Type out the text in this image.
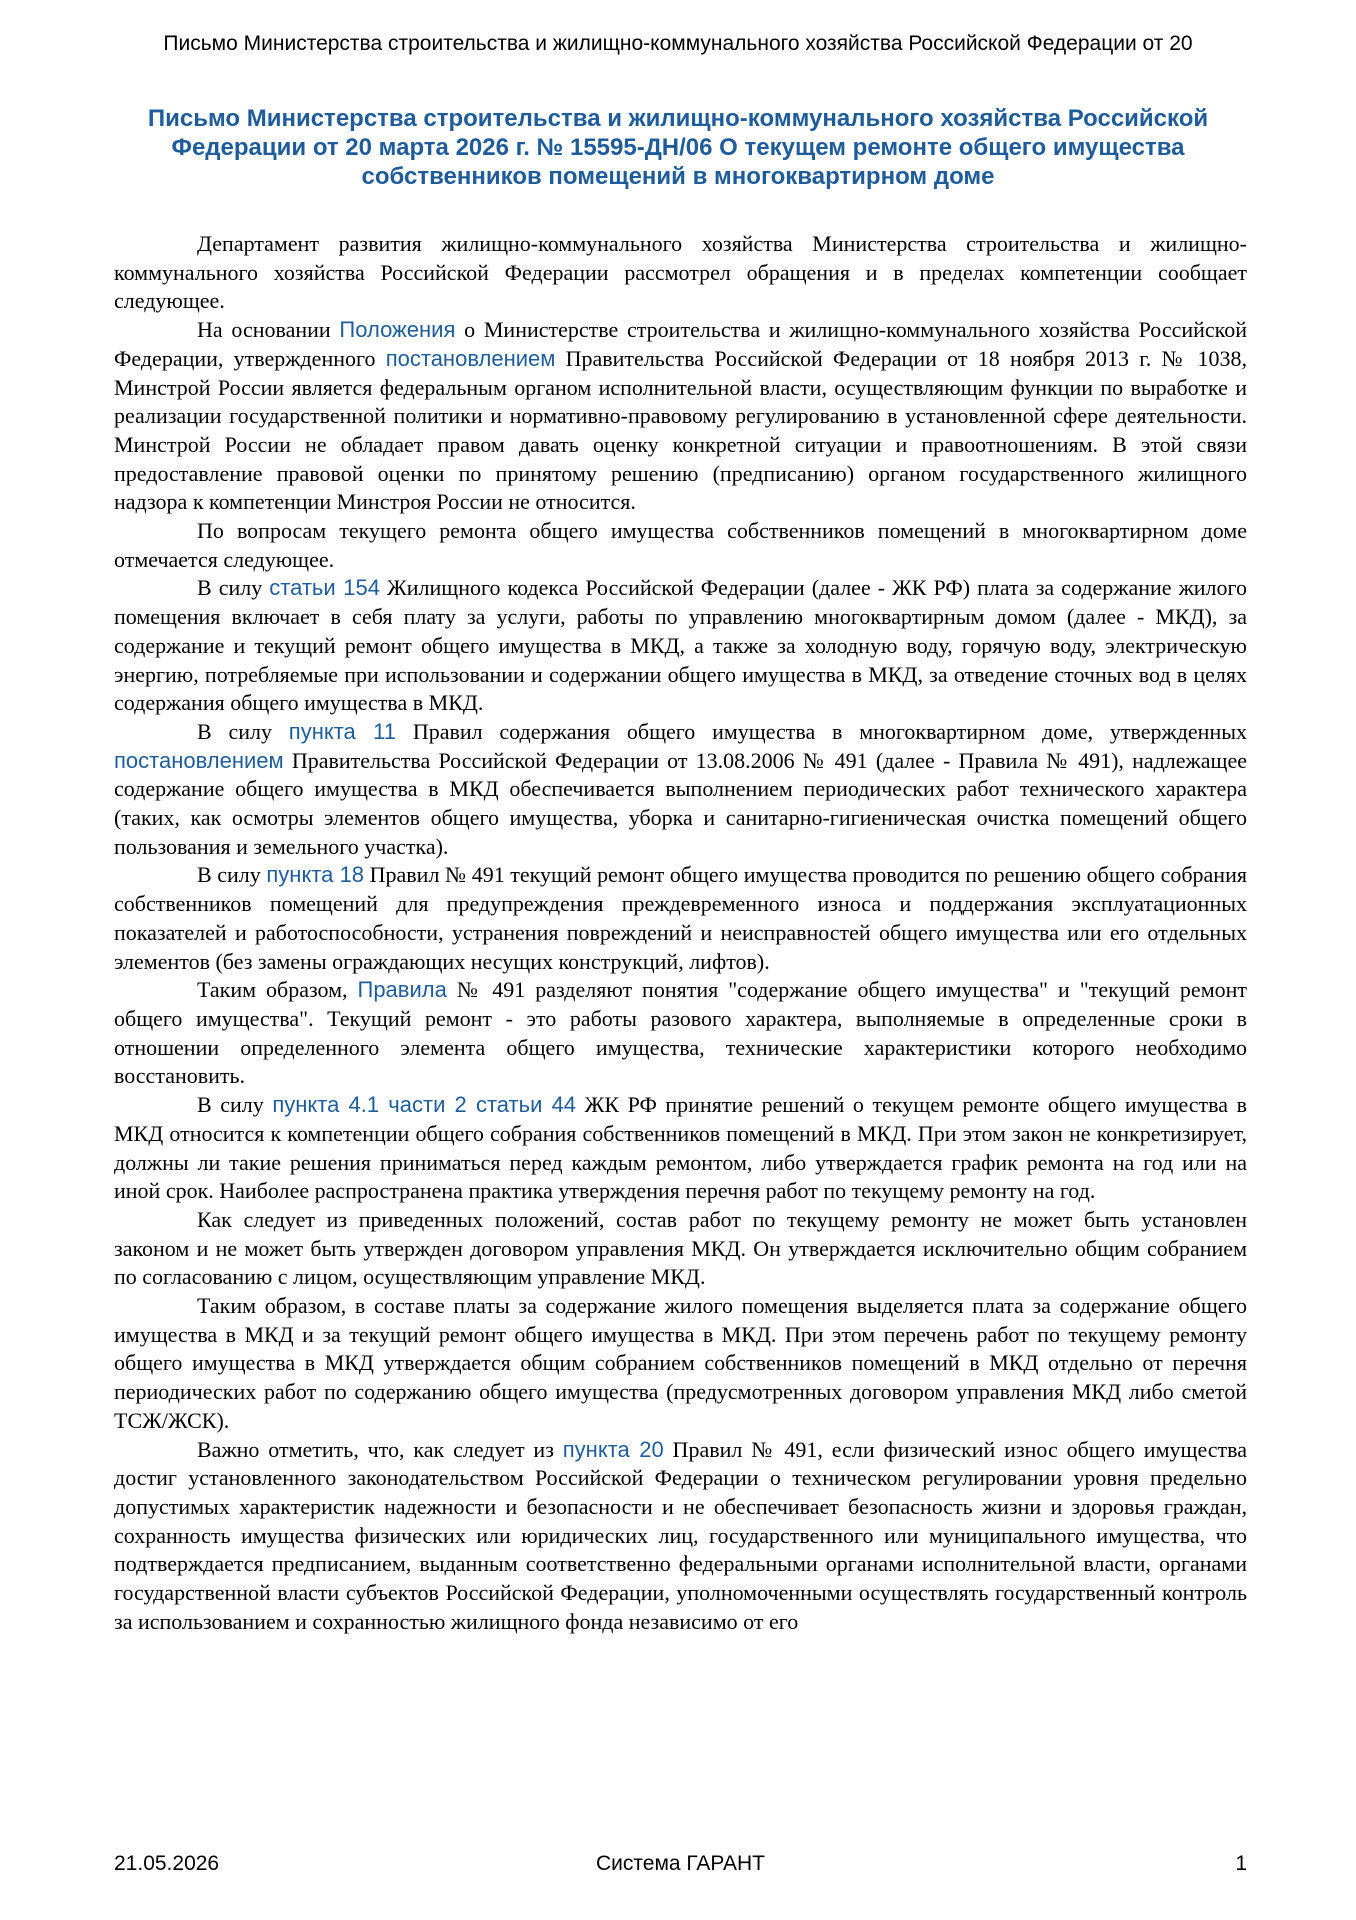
Письмо Министерства строительства и жилищно-коммунального хозяйства Российской Федерации от 20
Письмо Министерства строительства и жилищно-коммунального хозяйства Российской Федерации от 20 марта 2026 г. № 15595-ДН/06 О текущем ремонте общего имущества собственников помещений в многоквартирном доме

Департамент развития жилищно-коммунального хозяйства Министерства строительства и жилищно-коммунального хозяйства Российской Федерации рассмотрел обращения и в пределах компетенции сообщает следующее.

На основании Положения о Министерстве строительства и жилищно-коммунального хозяйства Российской Федерации, утвержденного постановлением Правительства Российской Федерации от 18 ноября 2013 г. № 1038, Минстрой России является федеральным органом исполнительной власти, осуществляющим функции по выработке и реализации государственной политики и нормативно-правовому регулированию в установленной сфере деятельности. Минстрой России не обладает правом давать оценку конкретной ситуации и правоотношениям. В этой связи предоставление правовой оценки по принятому решению (предписанию) органом государственного жилищного надзора к компетенции Минстроя России не относится.

По вопросам текущего ремонта общего имущества собственников помещений в многоквартирном доме отмечается следующее.

В силу статьи 154 Жилищного кодекса Российской Федерации (далее - ЖК РФ) плата за содержание жилого помещения включает в себя плату за услуги, работы по управлению многоквартирным домом (далее - МКД), за содержание и текущий ремонт общего имущества в МКД, а также за холодную воду, горячую воду, электрическую энергию, потребляемые при использовании и содержании общего имущества в МКД, за отведение сточных вод в целях содержания общего имущества в МКД.

В силу пункта 11 Правил содержания общего имущества в многоквартирном доме, утвержденных постановлением Правительства Российской Федерации от 13.08.2006 № 491 (далее - Правила № 491), надлежащее содержание общего имущества в МКД обеспечивается выполнением периодических работ технического характера (таких, как осмотры элементов общего имущества, уборка и санитарно-гигиеническая очистка помещений общего пользования и земельного участка).

В силу пункта 18 Правил № 491 текущий ремонт общего имущества проводится по решению общего собрания собственников помещений для предупреждения преждевременного износа и поддержания эксплуатационных показателей и работоспособности, устранения повреждений и неисправностей общего имущества или его отдельных элементов (без замены ограждающих несущих конструкций, лифтов).

Таким образом, Правила № 491 разделяют понятия "содержание общего имущества" и "текущий ремонт общего имущества". Текущий ремонт - это работы разового характера, выполняемые в определенные сроки в отношении определенного элемента общего имущества, технические характеристики которого необходимо восстановить.

В силу пункта 4.1 части 2 статьи 44 ЖК РФ принятие решений о текущем ремонте общего имущества в МКД относится к компетенции общего собрания собственников помещений в МКД. При этом закон не конкретизирует, должны ли такие решения приниматься перед каждым ремонтом, либо утверждается график ремонта на год или на иной срок. Наиболее распространена практика утверждения перечня работ по текущему ремонту на год.

Как следует из приведенных положений, состав работ по текущему ремонту не может быть установлен законом и не может быть утвержден договором управления МКД. Он утверждается исключительно общим собранием по согласованию с лицом, осуществляющим управление МКД.

Таким образом, в составе платы за содержание жилого помещения выделяется плата за содержание общего имущества в МКД и за текущий ремонт общего имущества в МКД. При этом перечень работ по текущему ремонту общего имущества в МКД утверждается общим собранием собственников помещений в МКД отдельно от перечня периодических работ по содержанию общего имущества (предусмотренных договором управления МКД либо сметой ТСЖ/ЖСК).

Важно отметить, что, как следует из пункта 20 Правил № 491, если физический износ общего имущества достиг установленного законодательством Российской Федерации о техническом регулировании уровня предельно допустимых характеристик надежности и безопасности и не обеспечивает безопасность жизни и здоровья граждан, сохранность имущества физических или юридических лиц, государственного или муниципального имущества, что подтверждается предписанием, выданным соответственно федеральными органами исполнительной власти, органами государственной власти субъектов Российской Федерации, уполномоченными осуществлять государственный контроль за использованием и сохранностью жилищного фонда независимо от его

21.05.2026	Система ГАРАНТ	1
